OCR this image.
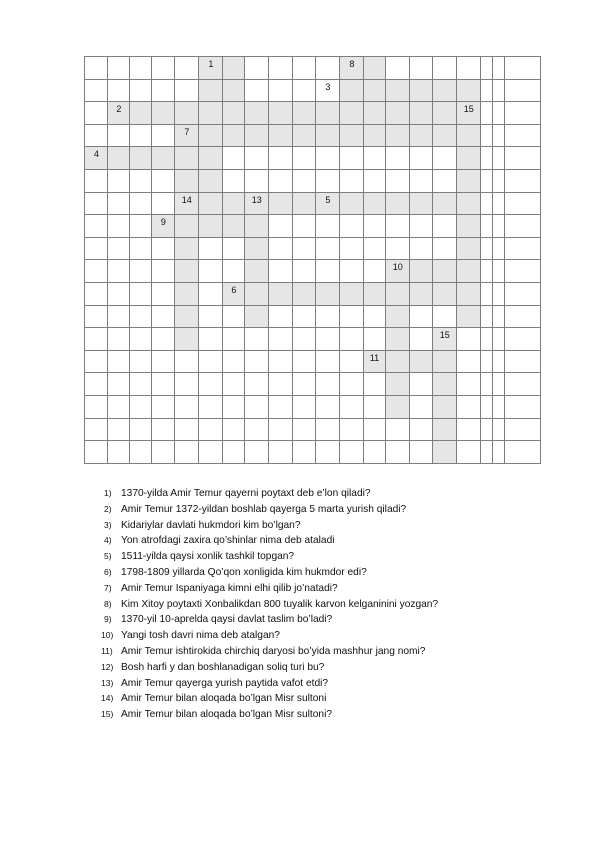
1	8
3
2	15
7
4
14	13	5
9
10
6
15
11
1) 1370-yilda Amir Temur qayerni poytaxt deb e’lon qiladi?
2) Amir Temur 1372-yildan boshlab qayerga 5 marta yurish qiladi?
3) Kidariylar davlati hukmdori kim bo’lgan?
4) Yon atrofdagi zaxira qo’shinlar nima deb ataladi
5) 1511-yilda qaysi xonlik tashkil topgan?
6) 1798-1809 yillarda Qo’qon xonligida kim hukmdor edi?
7) Amir Temur Ispaniyaga kimni elhi qilib jo’natadi?
8) Kim Xitoy poytaxti Xonbalikdan 800 tuyalik karvon kelganinini yozgan?
9) 1370-yil 10-aprelda qaysi davlat taslim bo’ladi?
10) Yangi tosh davri nima deb atalgan?
11) Amir Temur ishtirokida chirchiq daryosi bo’yida mashhur jang nomi?
12) Bosh harfi y dan boshlanadigan soliq turi bu?
13) Amir Temur qayerga yurish paytida vafot etdi?
14) Amir Temur bilan aloqada bo’lgan Misr sultoni
15) Amir Temur bilan aloqada bo’lgan Misr sultoni?
